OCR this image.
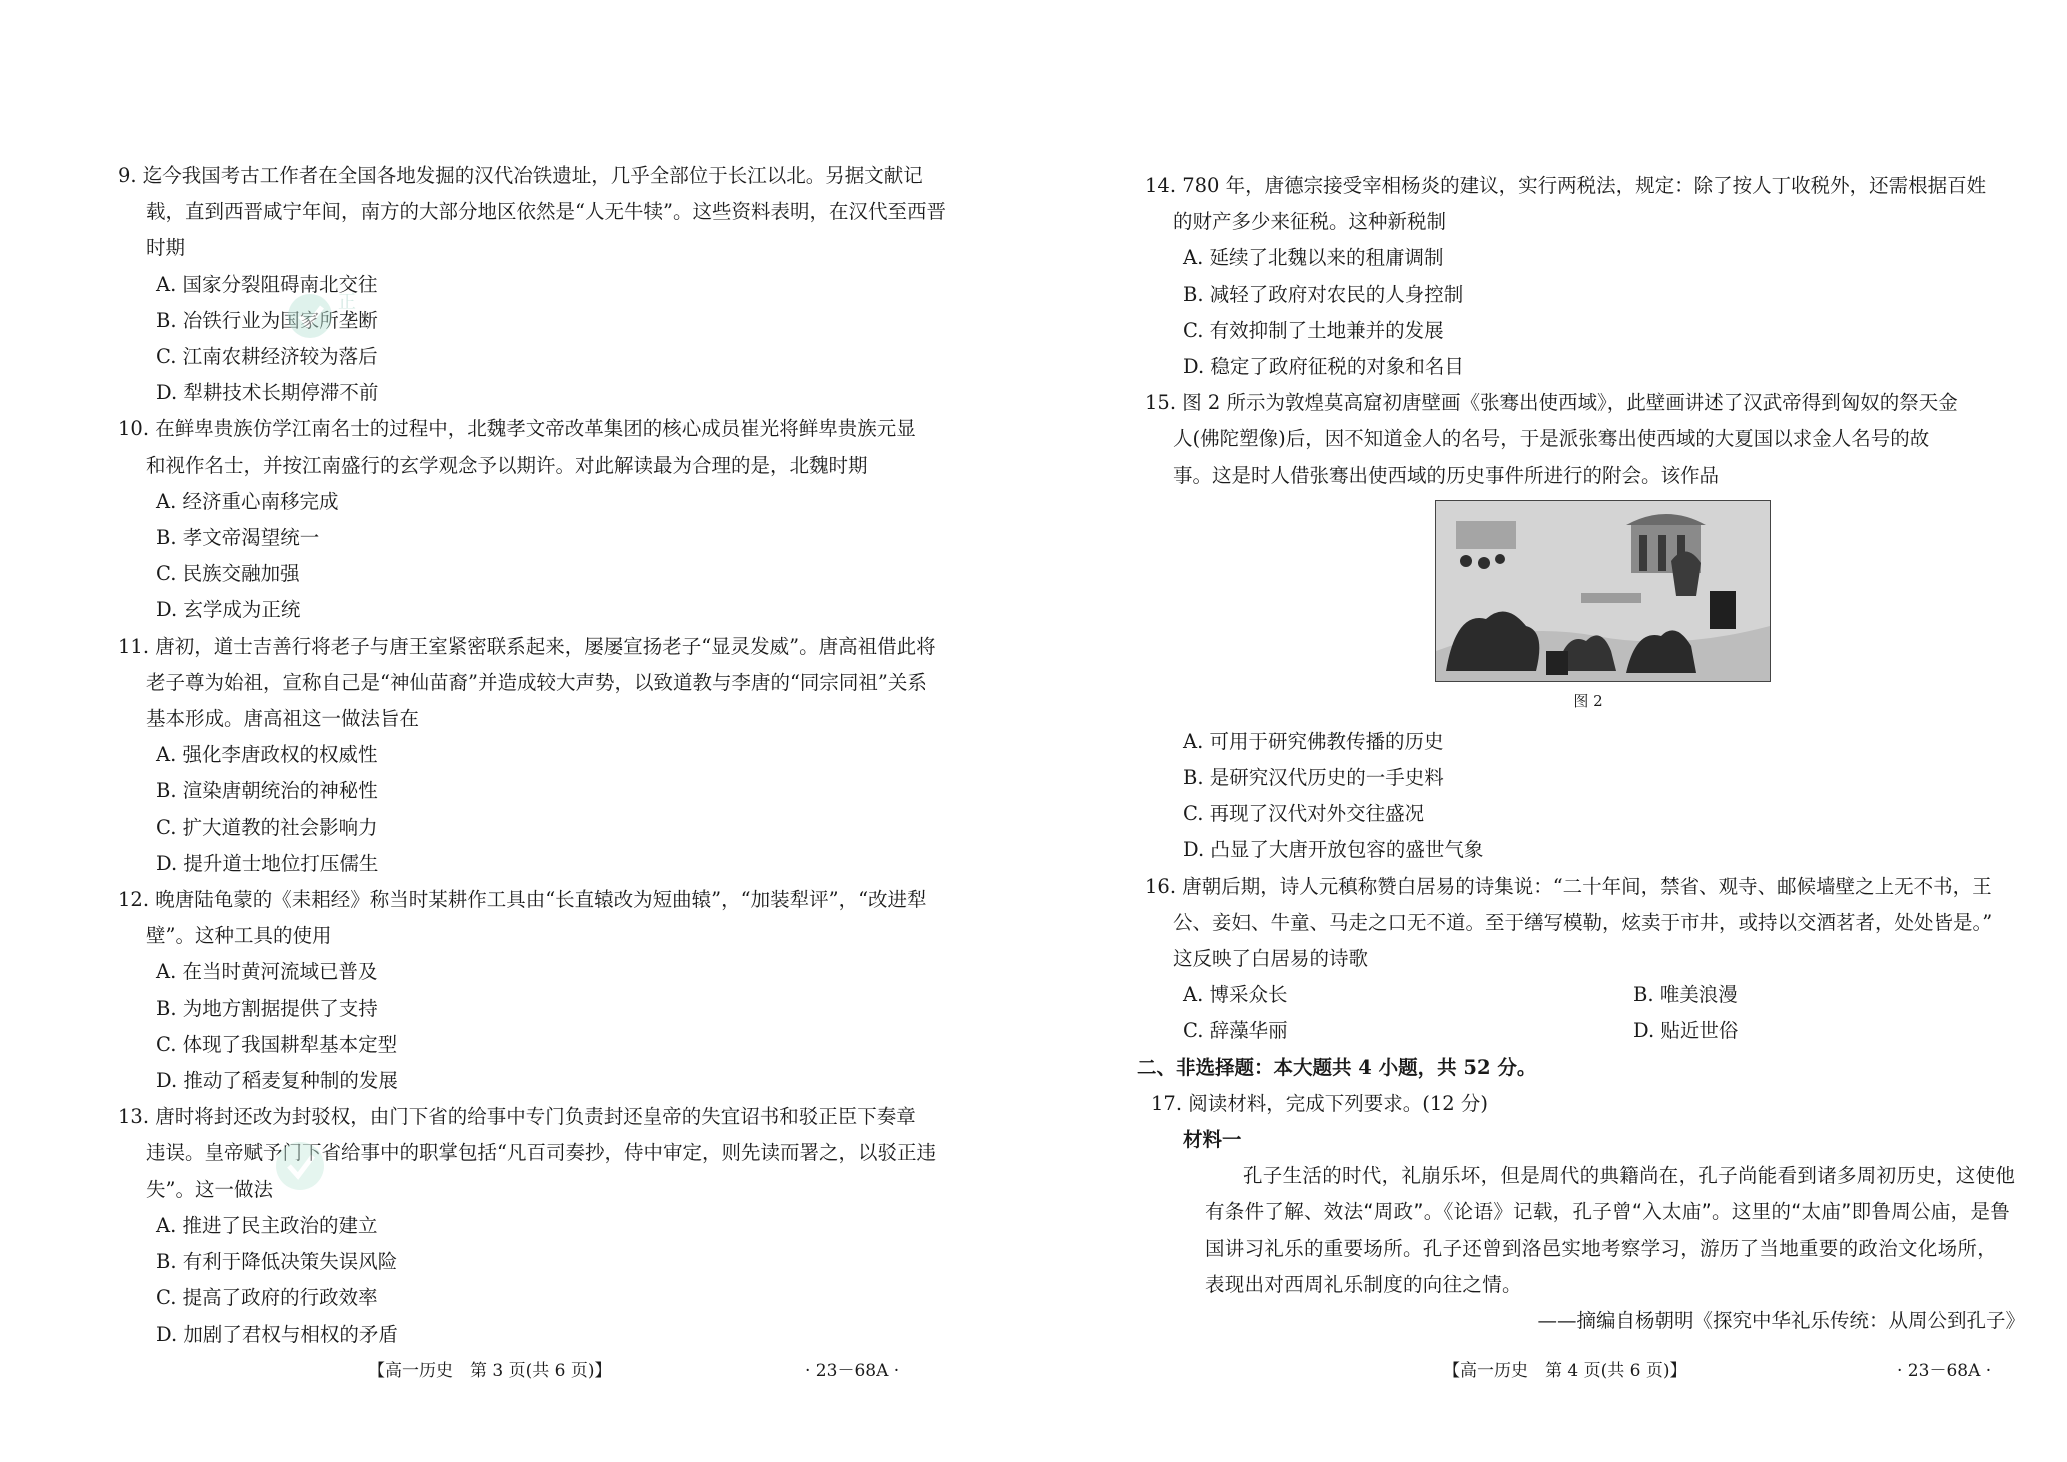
9. 迄今我国考古工作者在全国各地发掘的汉代冶铁遗址，几乎全部位于长江以北。另据文献记
载，直到西晋咸宁年间，南方的大部分地区依然是“人无牛犊”。这些资料表明，在汉代至西晋
时期
A. 国家分裂阻碍南北交往
B. 冶铁行业为国家所垄断
C. 江南农耕经济较为落后
D. 犁耕技术长期停滞不前
10. 在鲜卑贵族仿学江南名士的过程中，北魏孝文帝改革集团的核心成员崔光将鲜卑贵族元显
和视作名士，并按江南盛行的玄学观念予以期许。对此解读最为合理的是，北魏时期
A. 经济重心南移完成
B. 孝文帝渴望统一
C. 民族交融加强
D. 玄学成为正统
11. 唐初，道士吉善行将老子与唐王室紧密联系起来，屡屡宣扬老子“显灵发威”。唐高祖借此将
老子尊为始祖，宣称自己是“神仙苗裔”并造成较大声势，以致道教与李唐的“同宗同祖”关系
基本形成。唐高祖这一做法旨在
A. 强化李唐政权的权威性
B. 渲染唐朝统治的神秘性
C. 扩大道教的社会影响力
D. 提升道士地位打压儒生
12. 晚唐陆龟蒙的《耒耜经》称当时某耕作工具由“长直辕改为短曲辕”，“加装犁评”，“改进犁
壁”。这种工具的使用
A. 在当时黄河流域已普及
B. 为地方割据提供了支持
C. 体现了我国耕犁基本定型
D. 推动了稻麦复种制的发展
13. 唐时将封还改为封驳权，由门下省的给事中专门负责封还皇帝的失宜诏书和驳正臣下奏章
违误。皇帝赋予门下省给事中的职掌包括“凡百司奏抄，侍中审定，则先读而署之，以驳正违
失”。这一做法
A. 推进了民主政治的建立
B. 有利于降低决策失误风险
C. 提高了政府的行政效率
D. 加剧了君权与相权的矛盾
正
【高一历史　第 3 页(共 6 页)】	· 23－68A ·
14. 780 年，唐德宗接受宰相杨炎的建议，实行两税法，规定：除了按人丁收税外，还需根据百姓
的财产多少来征税。这种新税制
A. 延续了北魏以来的租庸调制
B. 减轻了政府对农民的人身控制
C. 有效抑制了土地兼并的发展
D. 稳定了政府征税的对象和名目
15. 图 2 所示为敦煌莫高窟初唐壁画《张骞出使西域》，此壁画讲述了汉武帝得到匈奴的祭天金
人(佛陀塑像)后，因不知道金人的名号，于是派张骞出使西域的大夏国以求金人名号的故
事。这是时人借张骞出使西域的历史事件所进行的附会。该作品
图 2
A. 可用于研究佛教传播的历史
B. 是研究汉代历史的一手史料
C. 再现了汉代对外交往盛况
D. 凸显了大唐开放包容的盛世气象
16. 唐朝后期，诗人元稹称赞白居易的诗集说：“二十年间，禁省、观寺、邮候墙壁之上无不书，王
公、妾妇、牛童、马走之口无不道。至于缮写模勒，炫卖于市井，或持以交酒茗者，处处皆是。”
这反映了白居易的诗歌
A. 博采众长	B. 唯美浪漫
C. 辞藻华丽	D. 贴近世俗
二、非选择题：本大题共 4 小题，共 52 分。
17. 阅读材料，完成下列要求。(12 分)
材料一
孔子生活的时代，礼崩乐坏，但是周代的典籍尚在，孔子尚能看到诸多周初历史，这使他
有条件了解、效法“周政”。《论语》记载，孔子曾“入太庙”。这里的“太庙”即鲁周公庙，是鲁
国讲习礼乐的重要场所。孔子还曾到洛邑实地考察学习，游历了当地重要的政治文化场所，
表现出对西周礼乐制度的向往之情。
——摘编自杨朝明《探究中华礼乐传统：从周公到孔子》
【高一历史　第 4 页(共 6 页)】	· 23－68A ·
